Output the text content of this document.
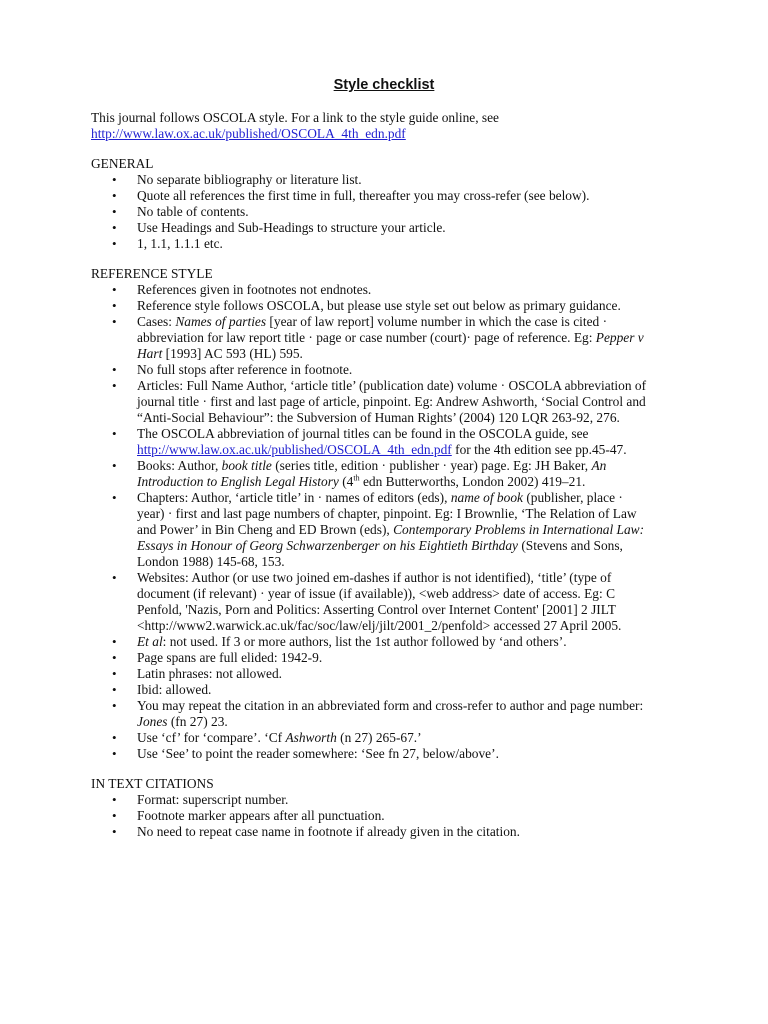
Style checklist

This journal follows OSCOLA style. For a link to the style guide online, see

http://www.law.ox.ac.uk/published/OSCOLA_4th_edn.pdf

GENERAL
• No separate bibliography or literature list.
• Quote all references the first time in full, thereafter you may cross-refer (see below).
• No table of contents.
• Use Headings and Sub-Headings to structure your article.
• 1, 1.1, 1.1.1 etc.
REFERENCE STYLE
• References given in footnotes not endnotes.
• Reference style follows OSCOLA, but please use style set out below as primary guidance.
• Cases: Names of parties [year of law report] volume number in which the case is cited · abbreviation for law report title · page or case number (court)· page of reference. Eg: Pepper v Hart [1993] AC 593 (HL) 595.
• No full stops after reference in footnote.
• Articles: Full Name Author, ‘article title’ (publication date) volume · OSCOLA abbreviation of journal title · first and last page of article, pinpoint. Eg: Andrew Ashworth, ‘Social Control and “Anti-Social Behaviour”: the Subversion of Human Rights’ (2004) 120 LQR 263-92, 276.
• The OSCOLA abbreviation of journal titles can be found in the OSCOLA guide, see http://www.law.ox.ac.uk/published/OSCOLA_4th_edn.pdf for the 4th edition see pp.45-47.
• Books: Author, book title (series title, edition · publisher · year) page. Eg: JH Baker, An Introduction to English Legal History (4th edn Butterworths, London 2002) 419–21.
• Chapters: Author, ‘article title’ in · names of editors (eds), name of book (publisher, place · year) · first and last page numbers of chapter, pinpoint. Eg: I Brownlie, ‘The Relation of Law and Power’ in Bin Cheng and ED Brown (eds), Contemporary Problems in International Law: Essays in Honour of Georg Schwarzenberger on his Eightieth Birthday (Stevens and Sons, London 1988) 145-68, 153.
• Websites: Author (or use two joined em-dashes if author is not identified), ‘title’ (type of document (if relevant) · year of issue (if available)), <web address> date of access. Eg: C Penfold, 'Nazis, Porn and Politics: Asserting Control over Internet Content' [2001] 2 JILT <http://www2.warwick.ac.uk/fac/soc/law/elj/jilt/2001_2/penfold> accessed 27 April 2005.
• Et al: not used. If 3 or more authors, list the 1st author followed by ‘and others’.
• Page spans are full elided: 1942-9.
• Latin phrases: not allowed.
• Ibid: allowed.
• You may repeat the citation in an abbreviated form and cross-refer to author and page number: Jones (fn 27) 23.
• Use ‘cf’ for ‘compare’. ‘Cf Ashworth (n 27) 265-67.’
• Use ‘See’ to point the reader somewhere: ‘See fn 27, below/above’.
IN TEXT CITATIONS
• Format: superscript number.
• Footnote marker appears after all punctuation.
• No need to repeat case name in footnote if already given in the citation.
